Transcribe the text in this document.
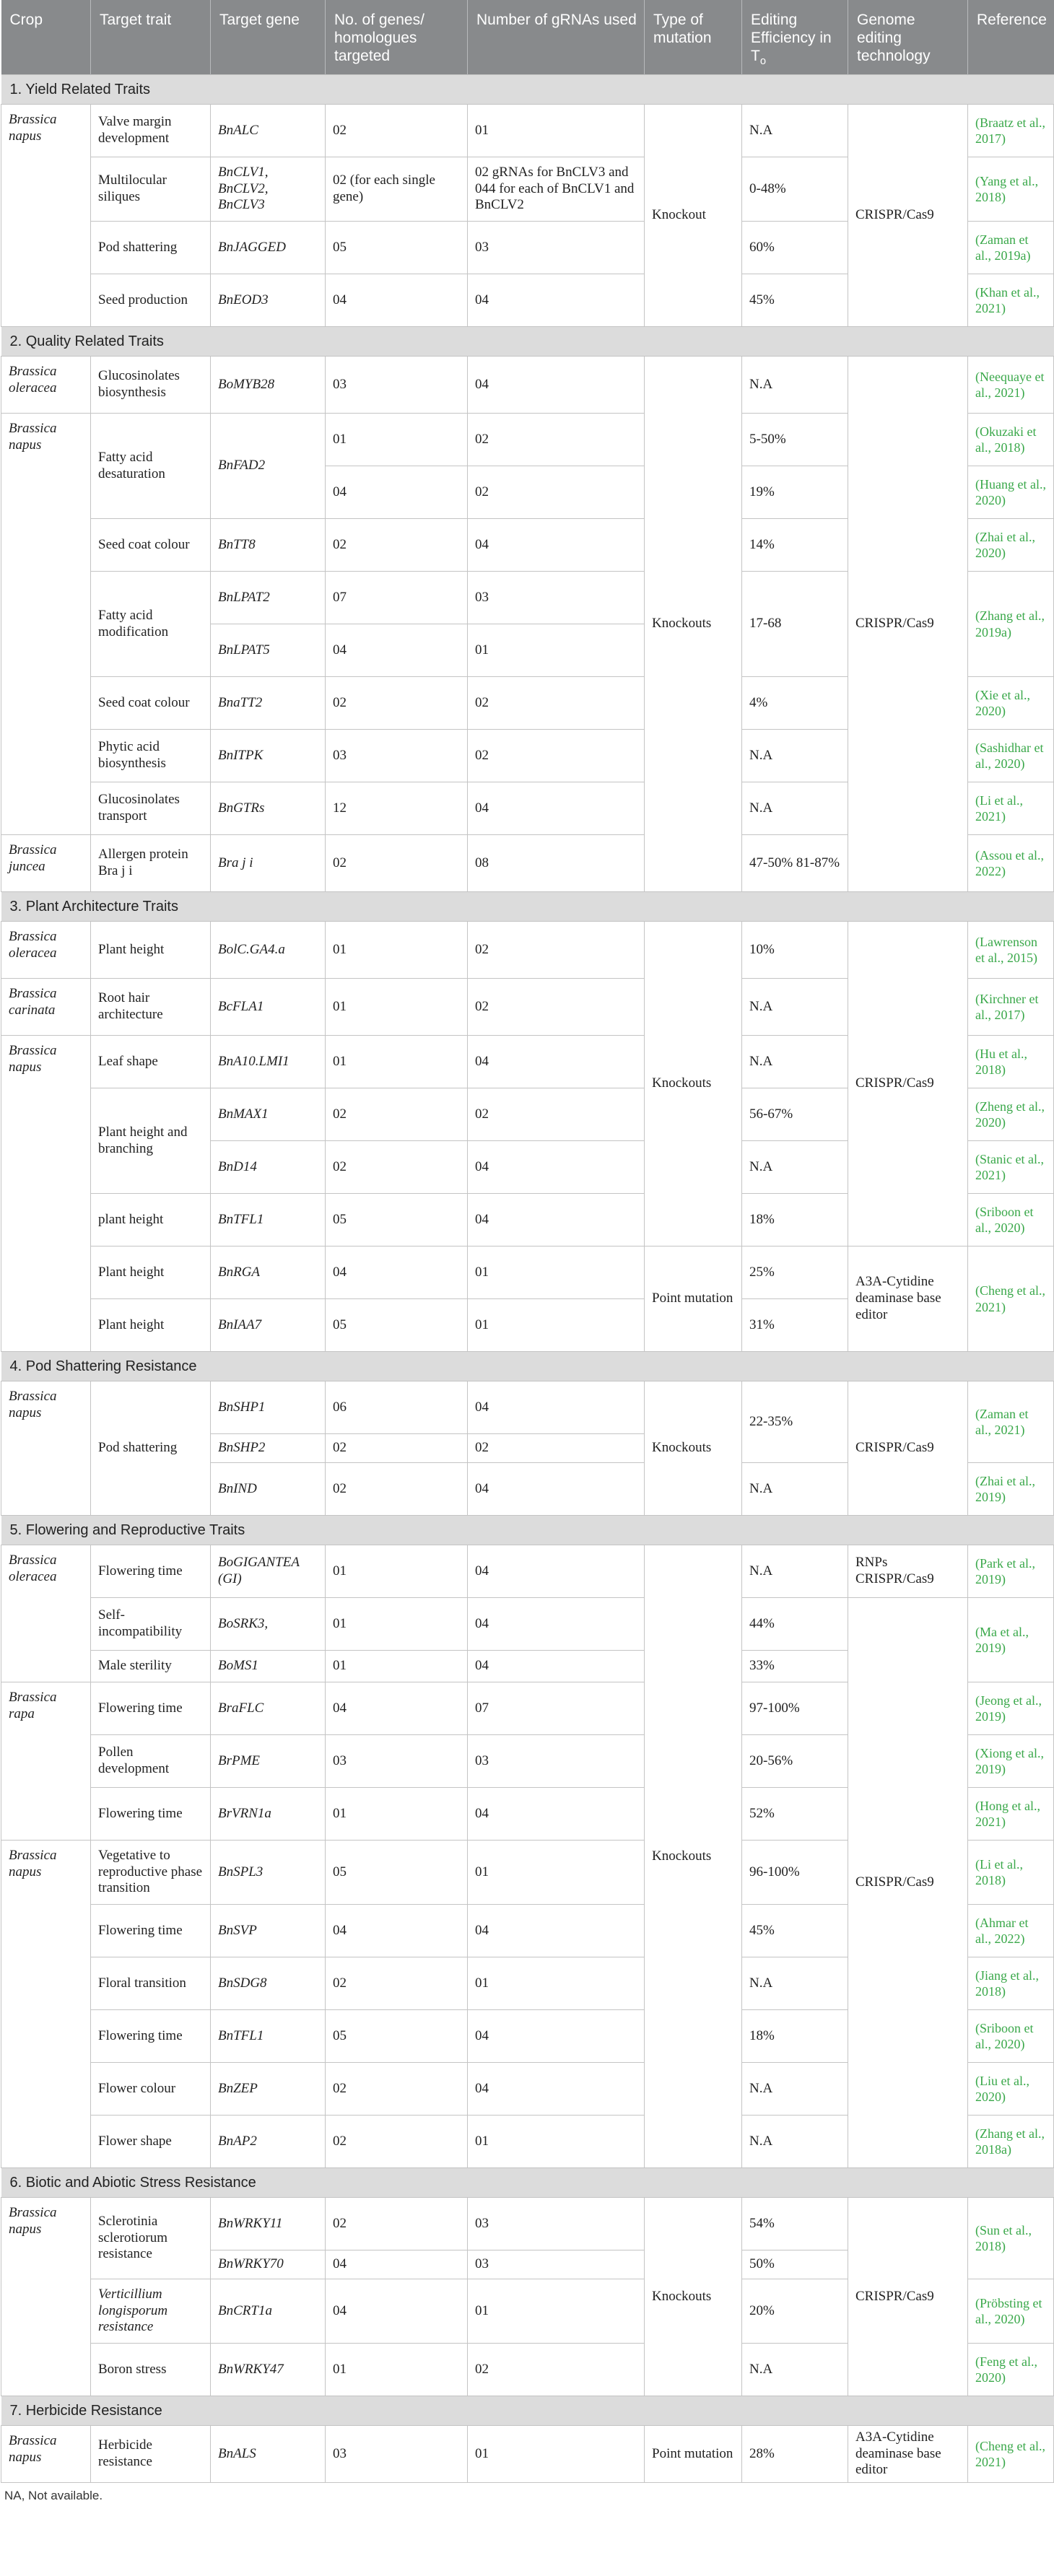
Crop	Target trait	Target gene	No. of genes/ homologues targeted	Number of gRNAs used	Type of mutation	Editing Efficiency in $T_o$	Genome editing technology	Reference
1. Yield Related Traits								

Brassica napus	Valve margin development	BnALC	02	01	Knockout	N.A	CRISPR/Cas9	(Braatz et al., 2017)
	Multilocular siliques	BnCLV1, BnCLV2, BnCLV3	02 (for each single gene)	02 gRNAs for BnCLV3 and 044 for each of BnCLV1 and BnCLV2		0-48%		(Yang et al., 2018)
	Pod shattering	BnJAGGED	05	03		60%		(Zaman et al., 2019a)
	Seed production	BnEOD3	04	04		45%		(Khan et al., 2021)
2. Quality Related Traits								

Brassica oleracea	Glucosinolates biosynthesis	BoMYB28	03	04	Knockouts	N.A	CRISPR/Cas9	(Neequaye et al., 2021)

Brassica napus	Fatty acid desaturation	BnFAD2	01	02		5-50%		(Okuzaki et al., 2018)
			04	02		19%		(Huang et al., 2020)
	Seed coat colour	BnTT8	02	04		14%		(Zhai et al., 2020)
	Fatty acid modification	BnLPAT2	07	03		17-68		(Zhang et al., 2019a)
		BnLPAT5	04	01				
	Seed coat colour	BnaTT2	02	02		4%		(Xie et al., 2020)
	Phytic acid biosynthesis	BnITPK	03	02		N.A		(Sashidhar et al., 2020)
	Glucosinolates transport	BnGTRs	12	04		N.A		(Li et al., 2021)

Brassica juncea	Allergen protein Bra j i	Bra j i	02	08		47-50% 81-87%		(Assou et al., 2022)
3. Plant Architecture Traits								

Brassica oleracea	Plant height	BolC.GA4.a	01	02	Knockouts	10%	CRISPR/Cas9	(Lawrenson et al., 2015)

Brassica carinata	Root hair architecture	BcFLA1	01	02		N.A		(Kirchner et al., 2017)

Brassica napus	Leaf shape	BnA10.LMI1	01	04		N.A		(Hu et al., 2018)
	Plant height and branching	BnMAX1	02	02		56-67%		(Zheng et al., 2020)
		BnD14	02	04		N.A		(Stanic et al., 2021)
	plant height	BnTFL1	05	04		18%		(Sriboon et al., 2020)
	Plant height	BnRGA	04	01	Point mutation	25%	A3A-Cytidine deaminase base editor	(Cheng et al., 2021)
	Plant height	BnIAA7	05	01		31%		
4. Pod Shattering Resistance								

Brassica napus	Pod shattering	BnSHP1	06	04	Knockouts	22-35%	CRISPR/Cas9	(Zaman et al., 2021)
		BnSHP2	02	02				
		BnIND	02	04		N.A		(Zhai et al., 2019)
5. Flowering and Reproductive Traits								

Brassica oleracea	Flowering time	BoGIGANTEA (GI)	01	04	Knockouts	N.A	RNPs CRISPR/Cas9	(Park et al., 2019)
	Self-incompatibility	BoSRK3,	01	04		44%	CRISPR/Cas9	(Ma et al., 2019)
	Male sterility	BoMS1	01	04		33%		

Brassica rapa	Flowering time	BraFLC	04	07		97-100%		(Jeong et al., 2019)
	Pollen development	BrPME	03	03		20-56%		(Xiong et al., 2019)
	Flowering time	BrVRN1a	01	04		52%		(Hong et al., 2021)

Brassica napus	Vegetative to reproductive phase transition	BnSPL3	05	01		96-100%		(Li et al., 2018)
	Flowering time	BnSVP	04	04		45%		(Ahmar et al., 2022)
	Floral transition	BnSDG8	02	01		N.A		(Jiang et al., 2018)
	Flowering time	BnTFL1	05	04		18%		(Sriboon et al., 2020)
	Flower colour	BnZEP	02	04		N.A		(Liu et al., 2020)
	Flower shape	BnAP2	02	01		N.A		(Zhang et al., 2018a)
6. Biotic and Abiotic Stress Resistance								

Brassica napus	Sclerotinia sclerotiorum resistance	BnWRKY11	02	03	Knockouts	54%	CRISPR/Cas9	(Sun et al., 2018)
		BnWRKY70	04	03		50%		
	Verticillium longisporum resistance	BnCRT1a	04	01		20%		(Pröbsting et al., 2020)
	Boron stress	BnWRKY47	01	02		N.A		(Feng et al., 2020)
7. Herbicide Resistance								

Brassica napus	Herbicide resistance	BnALS	03	01	Point mutation	28%	A3A-Cytidine deaminase base editor	(Cheng et al., 2021)
NA, Not available.
